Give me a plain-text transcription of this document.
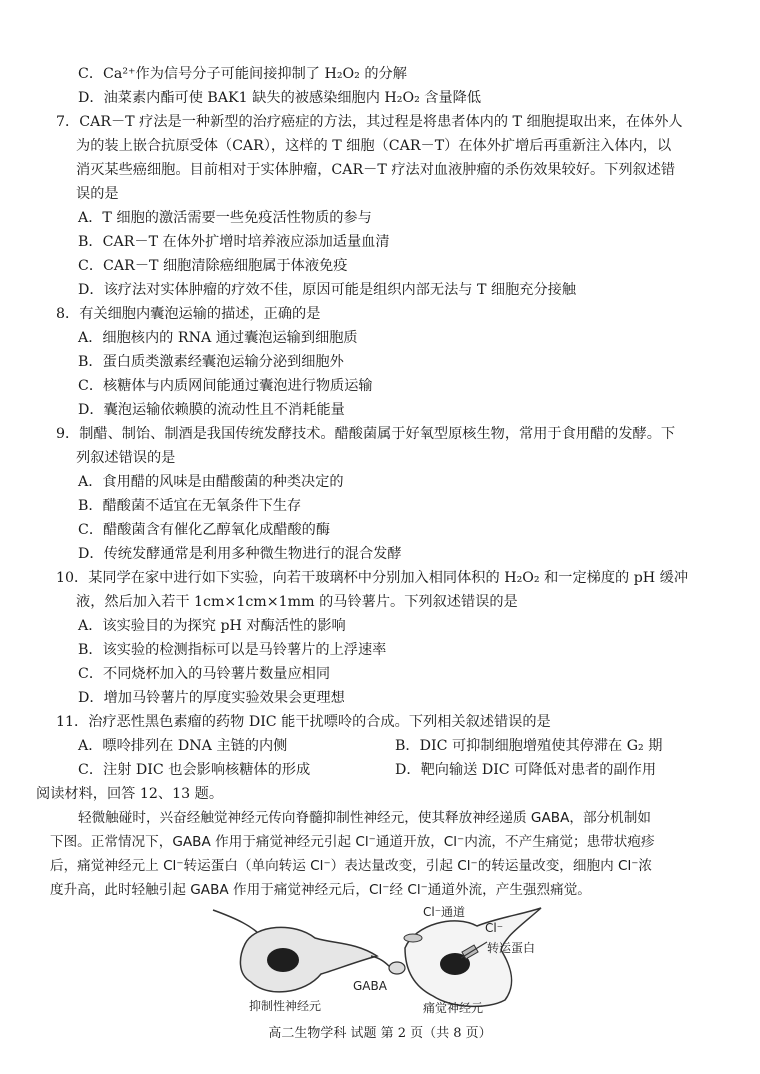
C．Ca²⁺作为信号分子可能间接抑制了 H₂O₂ 的分解
D．油菜素内酯可使 BAK1 缺失的被感染细胞内 H₂O₂ 含量降低
7．CAR－T 疗法是一种新型的治疗癌症的方法，其过程是将患者体内的 T 细胞提取出来，在体外人
为的装上嵌合抗原受体（CAR），这样的 T 细胞（CAR－T）在体外扩增后再重新注入体内，以
消灭某些癌细胞。目前相对于实体肿瘤，CAR－T 疗法对血液肿瘤的杀伤效果较好。下列叙述错
误的是
A．T 细胞的激活需要一些免疫活性物质的参与
B．CAR－T 在体外扩增时培养液应添加适量血清
C．CAR－T 细胞清除癌细胞属于体液免疫
D．该疗法对实体肿瘤的疗效不佳，原因可能是组织内部无法与 T 细胞充分接触
8．有关细胞内囊泡运输的描述，正确的是
A．细胞核内的 RNA 通过囊泡运输到细胞质
B．蛋白质类激素经囊泡运输分泌到细胞外
C．核糖体与内质网间能通过囊泡进行物质运输
D．囊泡运输依赖膜的流动性且不消耗能量
9．制醋、制饴、制酒是我国传统发酵技术。醋酸菌属于好氧型原核生物，常用于食用醋的发酵。下
列叙述错误的是
A．食用醋的风味是由醋酸菌的种类决定的
B．醋酸菌不适宜在无氧条件下生存
C．醋酸菌含有催化乙醇氧化成醋酸的酶
D．传统发酵通常是利用多种微生物进行的混合发酵
10．某同学在家中进行如下实验，向若干玻璃杯中分别加入相同体积的 H₂O₂ 和一定梯度的 pH 缓冲
液，然后加入若干 1cm×1cm×1mm 的马铃薯片。下列叙述错误的是
A．该实验目的为探究 pH 对酶活性的影响
B．该实验的检测指标可以是马铃薯片的上浮速率
C．不同烧杯加入的马铃薯片数量应相同
D．增加马铃薯片的厚度实验效果会更理想
11．治疗恶性黑色素瘤的药物 DIC 能干扰嘌呤的合成。下列相关叙述错误的是
A．嘌呤排列在 DNA 主链的内侧	B．DIC 可抑制细胞增殖使其停滞在 G₂ 期
C．注射 DIC 也会影响核糖体的形成	D．靶向输送 DIC 可降低对患者的副作用
阅读材料，回答 12、13 题。
轻微触碰时，兴奋经触觉神经元传向脊髓抑制性神经元，使其释放神经递质 GABA，部分机制如
下图。正常情况下，GABA 作用于痛觉神经元引起 Cl⁻通道开放，Cl⁻内流，不产生痛觉；患带状疱疹
后，痛觉神经元上 Cl⁻转运蛋白（单向转运 Cl⁻）表达量改变，引起 Cl⁻的转运量改变，细胞内 Cl⁻浓
度升高，此时轻触引起 GABA 作用于痛觉神经元后，Cl⁻经 Cl⁻通道外流，产生强烈痛觉。
GABA
抑制性神经元
Cl⁻通道
Cl⁻
转运蛋白
痛觉神经元
高二生物学科 试题 第 2 页（共 8 页）
